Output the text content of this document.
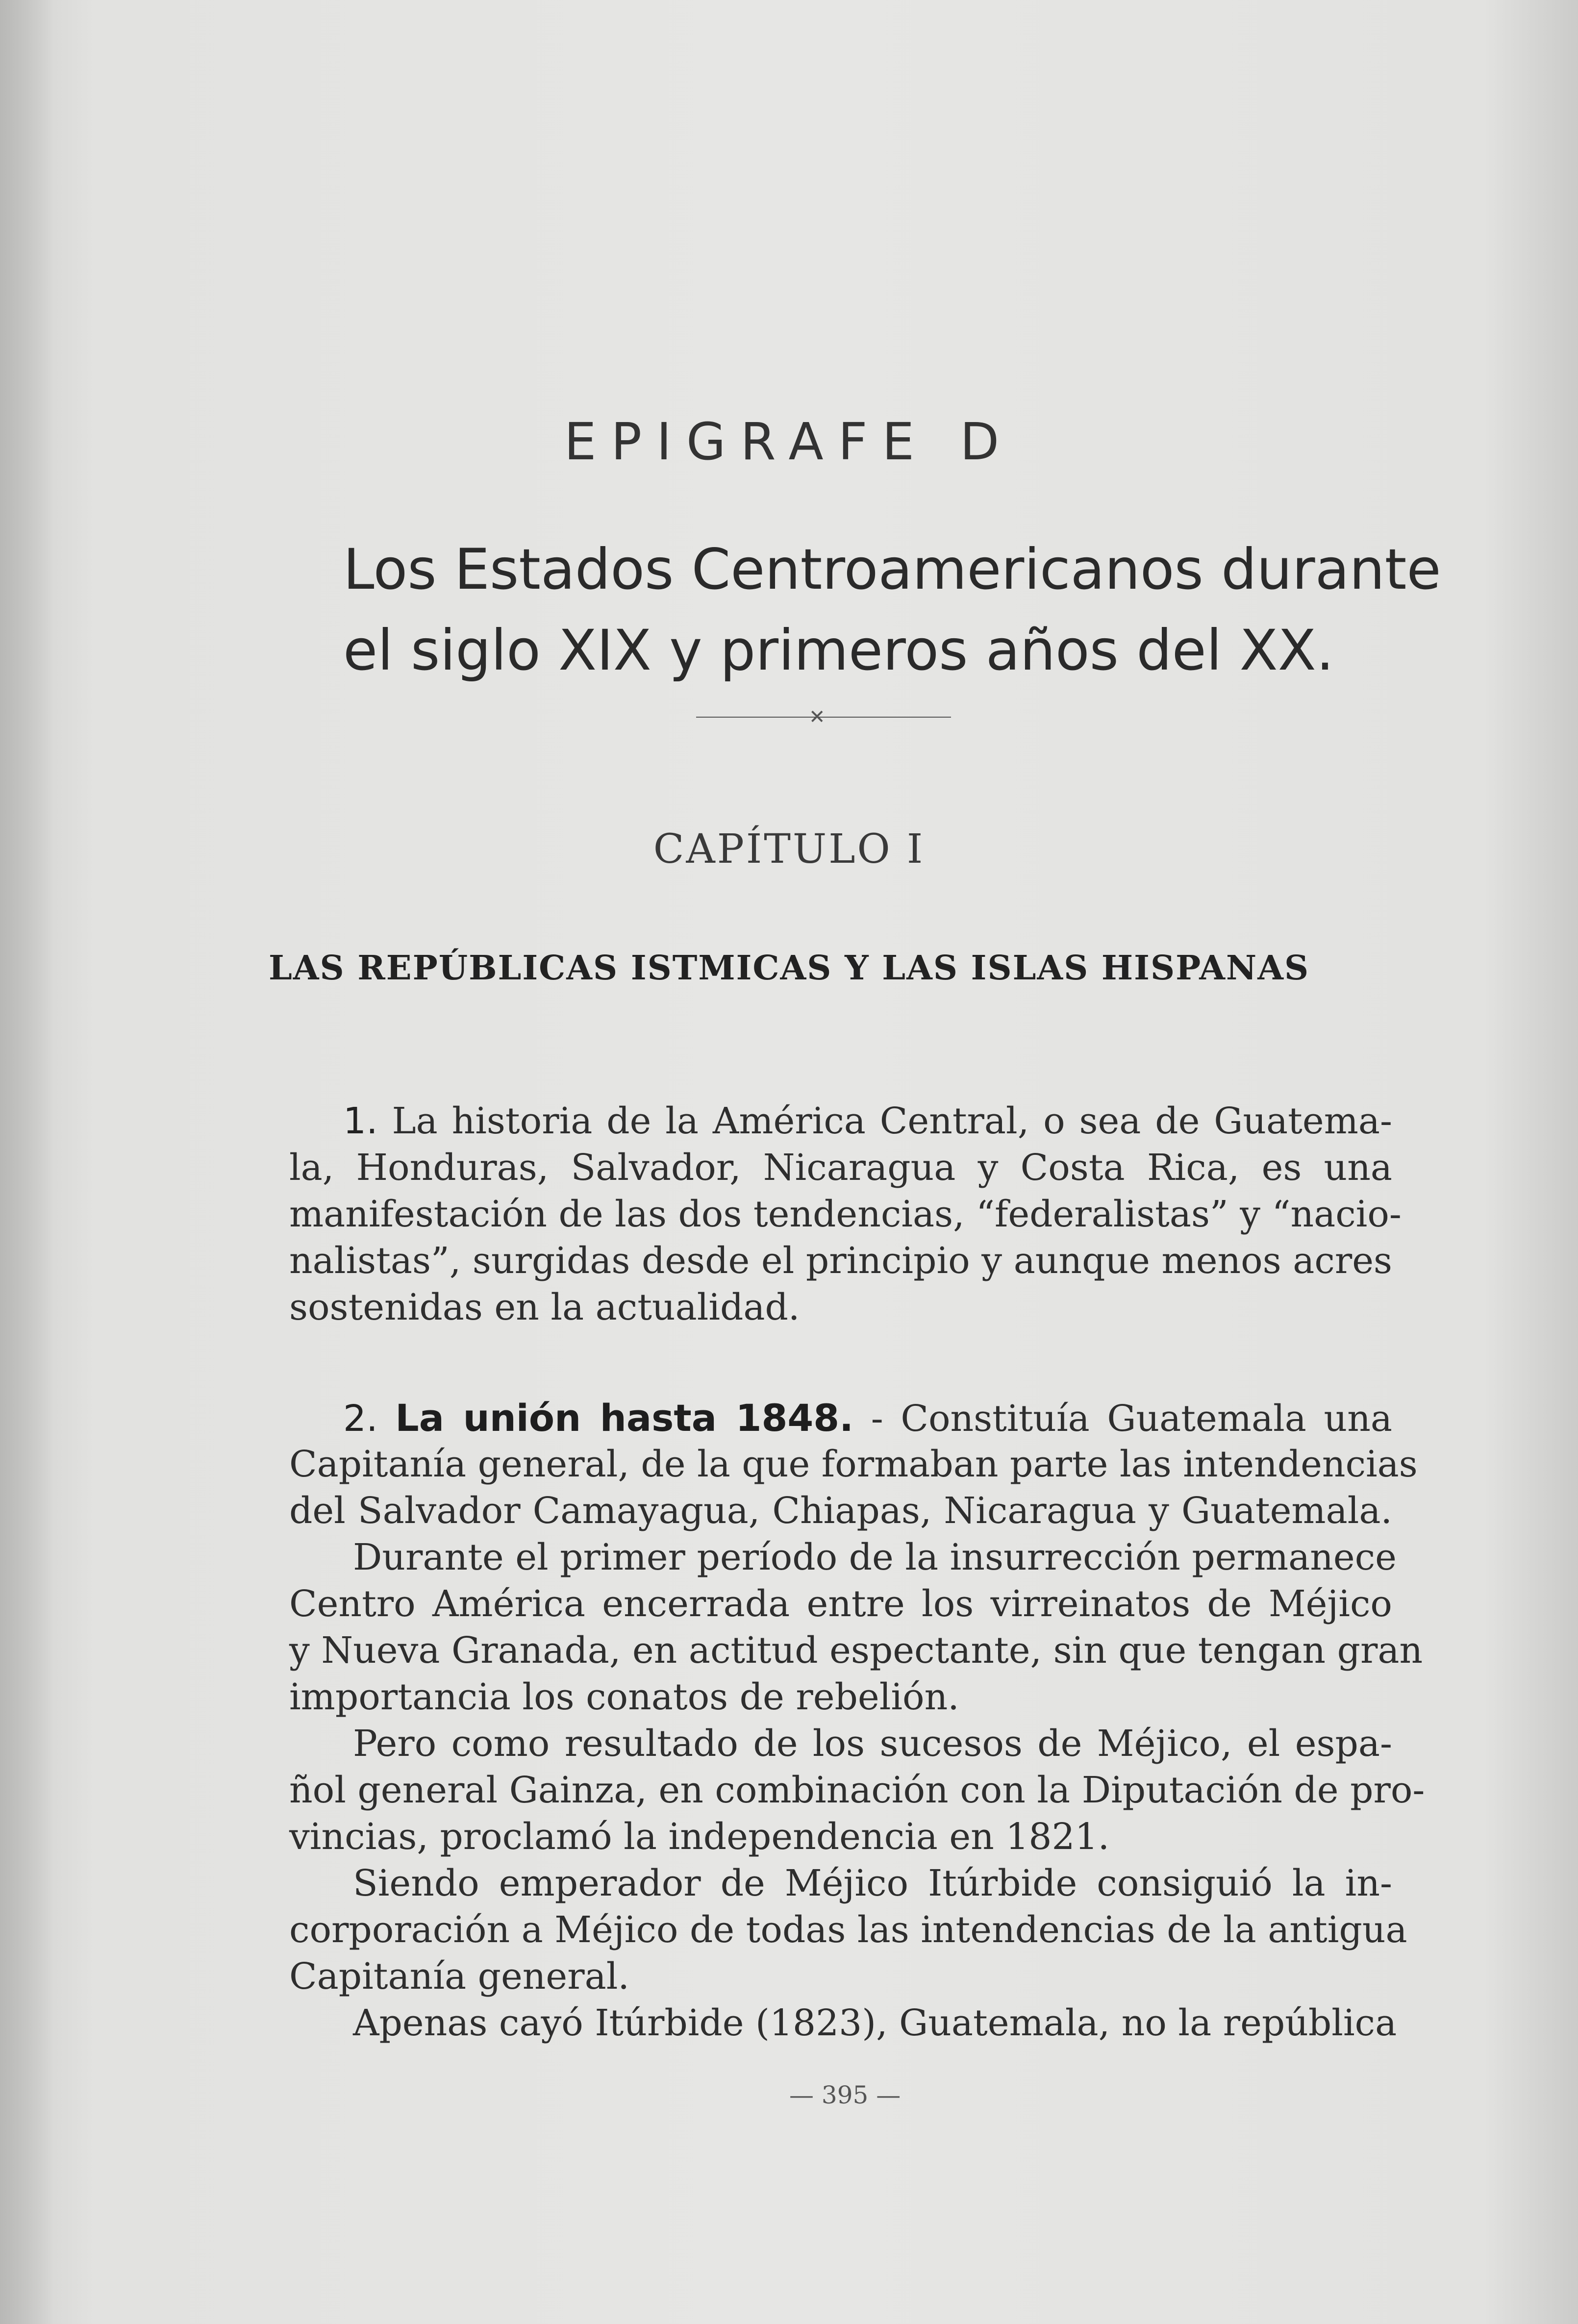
EPIGRAFE D
Los Estados Centroamericanos durante
el siglo XIX y primeros años del XX.
✕
CAPÍTULO I
LAS REPÚBLICAS ISTMICAS Y LAS ISLAS HISPANAS
1. La historia de la América Central, o sea de Guatema-
la, Honduras, Salvador, Nicaragua y Costa Rica, es una
manifestación de las dos tendencias, “federalistas” y “nacio-
nalistas”, surgidas desde el principio y aunque menos acres
sostenidas en la actualidad.
2. La unión hasta 1848. - Constituía Guatemala una
Capitanía general, de la que formaban parte las intendencias
del Salvador Camayagua, Chiapas, Nicaragua y Guatemala.
Durante el primer período de la insurrección permanece
Centro América encerrada entre los virreinatos de Méjico
y Nueva Granada, en actitud espectante, sin que tengan gran
importancia los conatos de rebelión.
Pero como resultado de los sucesos de Méjico, el espa-
ñol general Gainza, en combinación con la Diputación de pro-
vincias, proclamó la independencia en 1821.
Siendo emperador de Méjico Itúrbide consiguió la in-
corporación a Méjico de todas las intendencias de la antigua
Capitanía general.
Apenas cayó Itúrbide (1823), Guatemala, no la república
— 395 —
